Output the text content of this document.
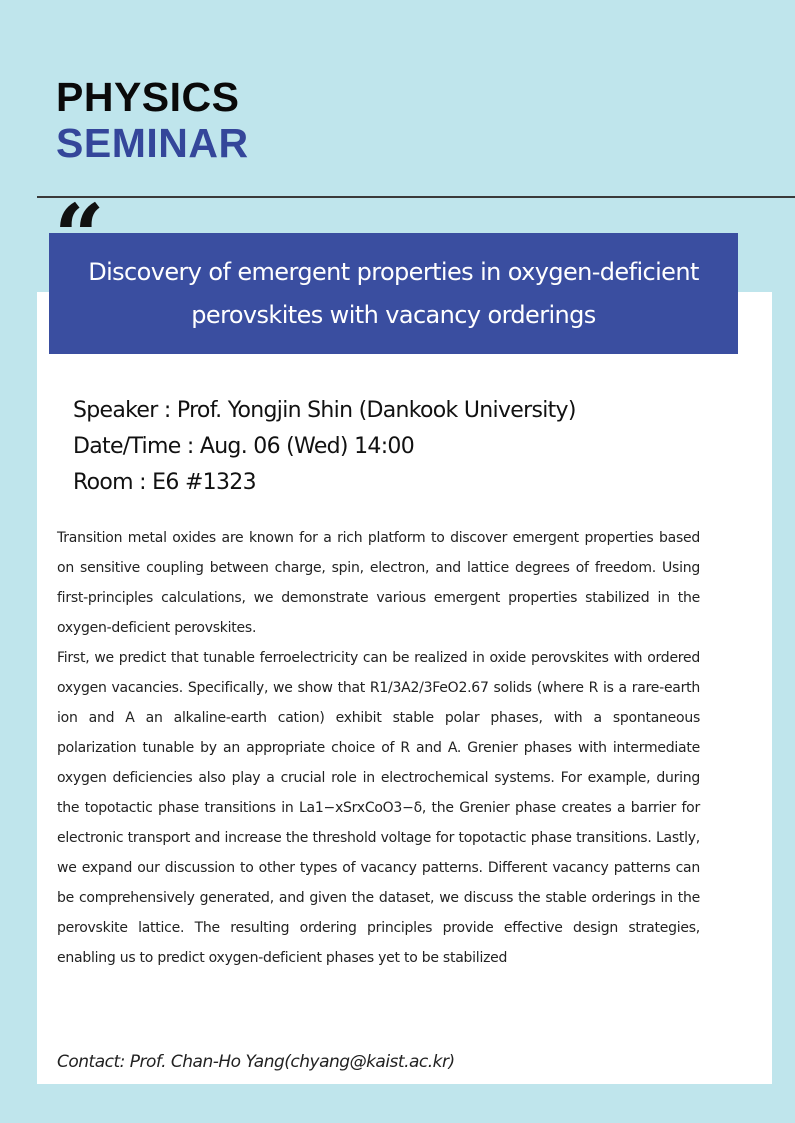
PHYSICS
SEMINAR
Discovery of emergent properties in oxygen-deficient perovskites with vacancy orderings
“
Speaker : Prof. Yongjin Shin (Dankook University)
Date/Time : Aug. 06 (Wed) 14:00
Room : E6 #1323

Transition metal oxides are known for a rich platform to discover emergent properties based on sensitive coupling between charge, spin, electron, and lattice degrees of freedom. Using first-principles calculations, we demonstrate various emergent properties stabilized in the oxygen-deficient perovskites.

First, we predict that tunable ferroelectricity can be realized in oxide perovskites with ordered oxygen vacancies. Specifically, we show that R1/3A2/3FeO2.67 solids (where R is a rare-earth ion and A an alkaline-earth cation) exhibit stable polar phases, with a spontaneous polarization tunable by an appropriate choice of R and A. Grenier phases with intermediate oxygen deficiencies also play a crucial role in electrochemical systems. For example, during the topotactic phase transitions in La1−xSrxCoO3−δ, the Grenier phase creates a barrier for electronic transport and increase the threshold voltage for topotactic phase transitions. Lastly, we expand our discussion to other types of vacancy patterns. Different vacancy patterns can be comprehensively generated, and given the dataset, we discuss the stable orderings in the perovskite lattice. The resulting ordering principles provide effective design strategies, enabling us to predict oxygen-deficient phases yet to be stabilized

Contact: Prof. Chan-Ho Yang(chyang@kaist.ac.kr)
